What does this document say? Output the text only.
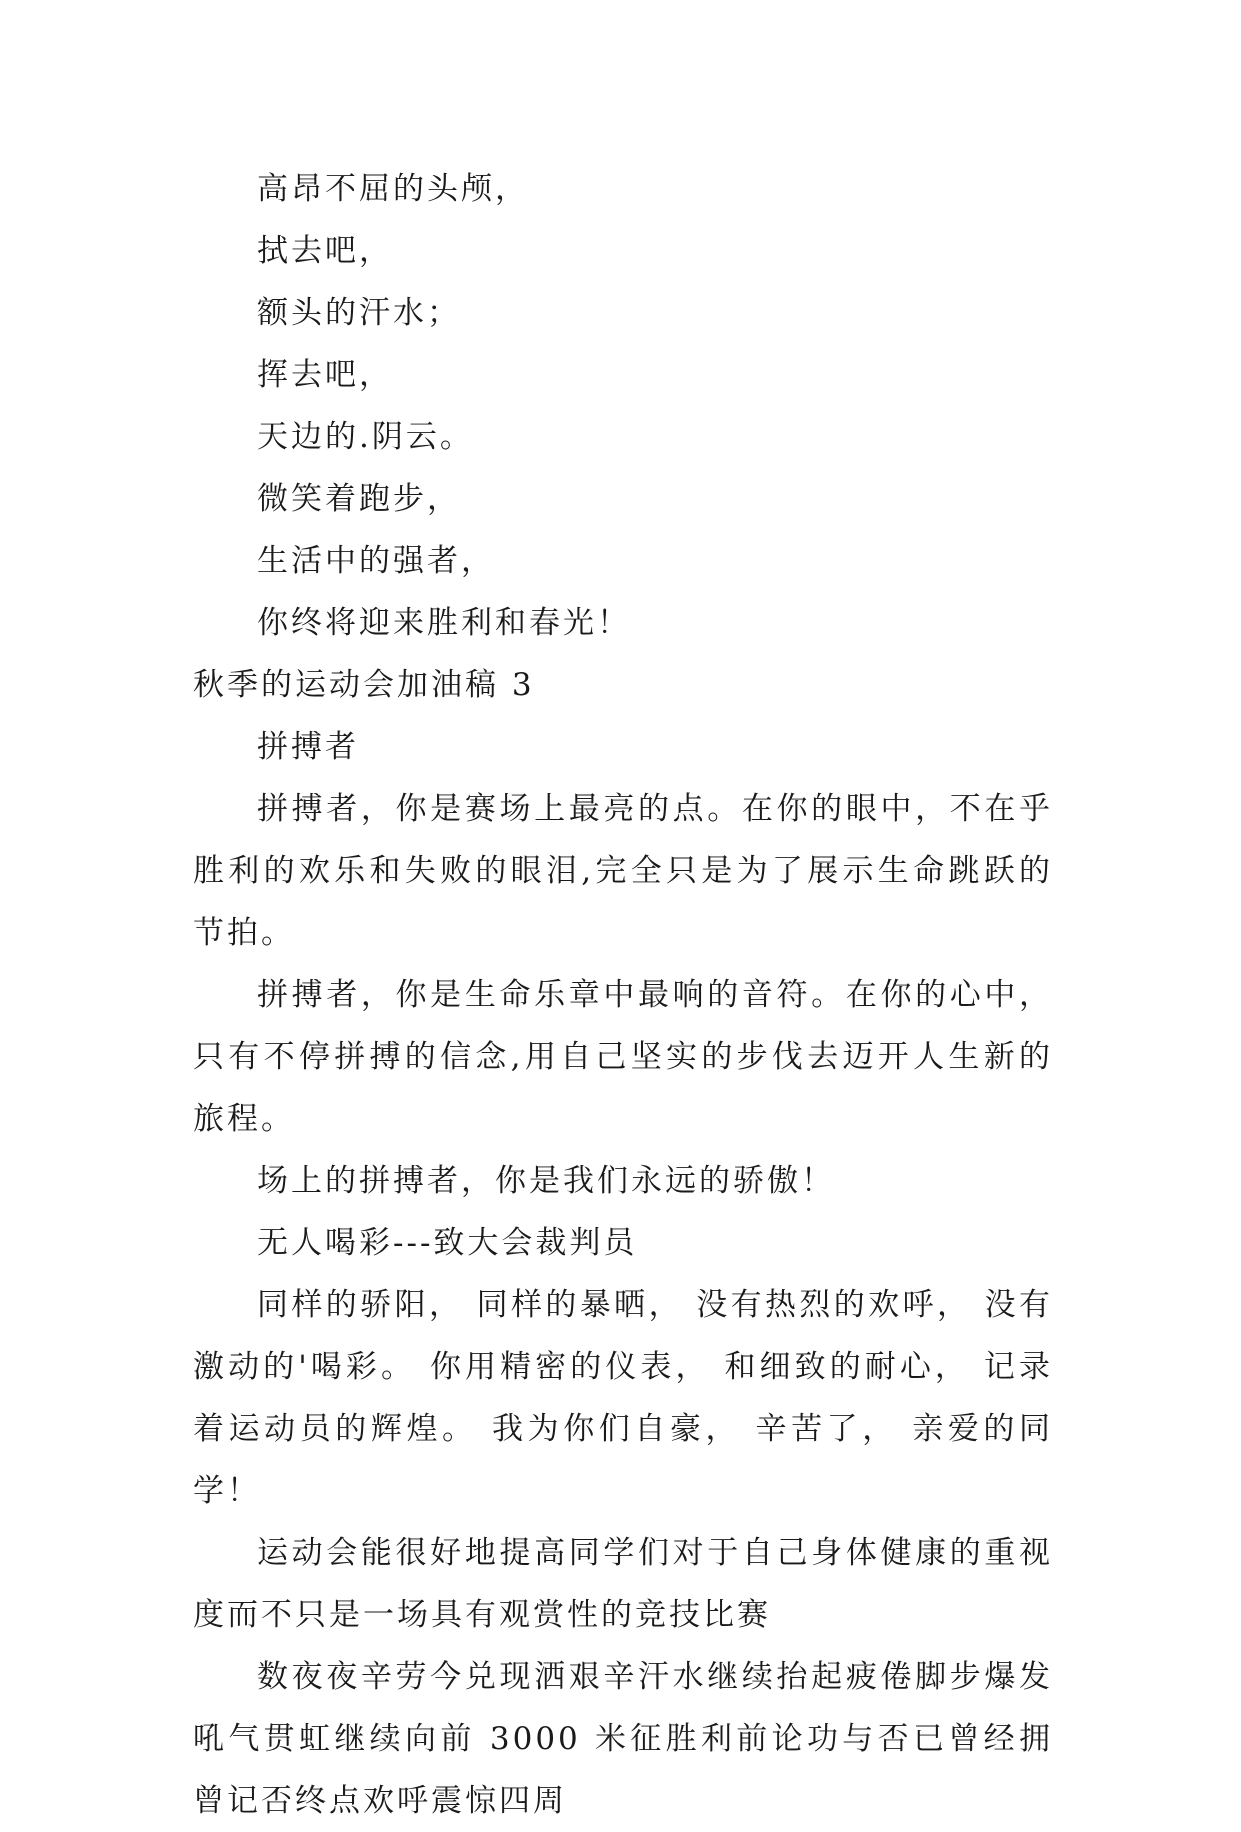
高昂不屈的头颅，
拭去吧，
额头的汗水；
挥去吧，
天边的.阴云。
微笑着跑步，
生活中的强者，
你终将迎来胜利和春光！
秋季的运动会加油稿 3
拼搏者

拼搏者，你是赛场上最亮的点。在你的眼中，不在乎胜利的欢乐和失败的眼泪,完全只是为了展示生命跳跃的节拍。

拼搏者，你是生命乐章中最响的音符。在你的心中，只有不停拼搏的信念,用自己坚实的步伐去迈开人生新的旅程。

场上的拼搏者，你是我们永远的骄傲！

无人喝彩---致大会裁判员

同样的骄阳， 同样的暴晒， 没有热烈的欢呼， 没有激动的'喝彩。 你用精密的仪表， 和细致的耐心， 记录着运动员的辉煌。 我为你们自豪， 辛苦了， 亲爱的同学！

运动会能很好地提高同学们对于自己身体健康的重视度而不只是一场具有观赏性的竞技比赛

数夜夜辛劳今兑现洒艰辛汗水继续抬起疲倦脚步爆发吼气贯虹继续向前 3000 米征胜利前论功与否已曾经拥曾记否终点欢呼震惊四周
